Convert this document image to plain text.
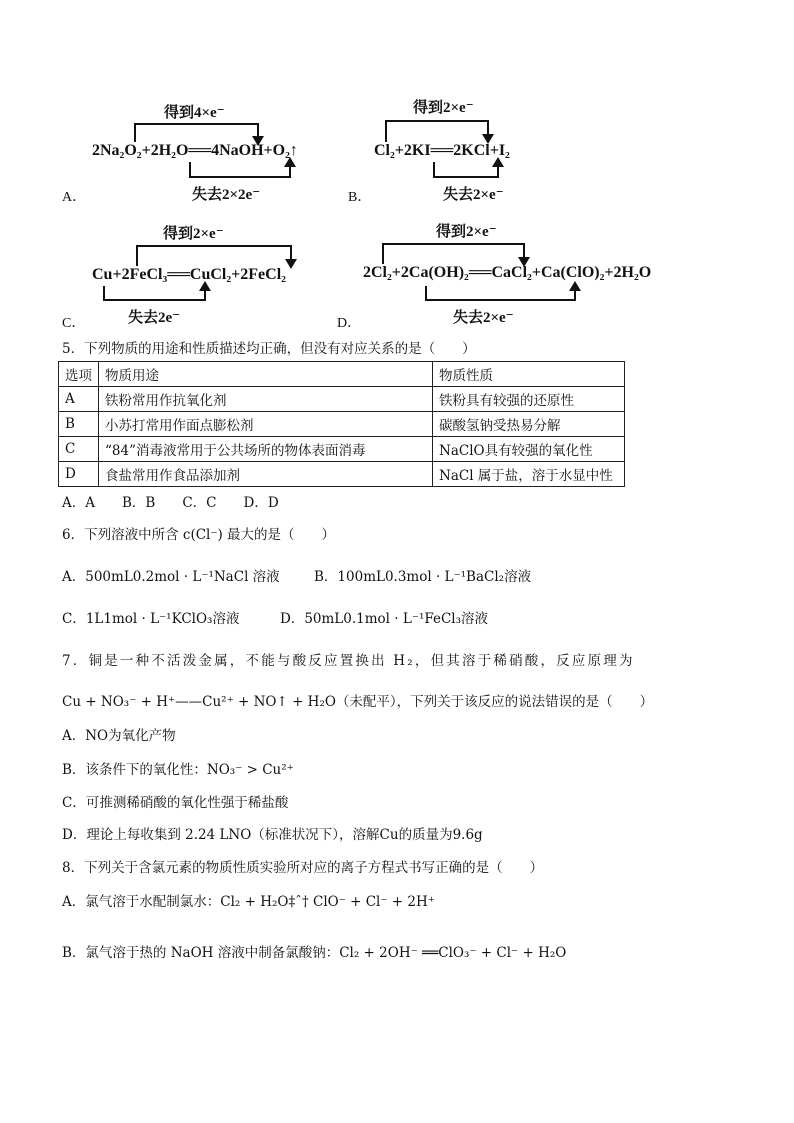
得到4×e⁻
2Na₂O₂+2H₂O══4NaOH+O₂↑
失去2×2e⁻
A．
得到2×e⁻
Cl₂+2KI══2KCl+I₂
失去2×e⁻
B．
得到2×e⁻
Cu+2FeCl₃══CuCl₂+2FeCl₂
失去2e⁻
C．
得到2×e⁻
2Cl₂+2Ca(OH)₂══CaCl₂+Ca(ClO)₂+2H₂O
失去2×e⁻
D．
5．下列物质的用途和性质描述均正确，但没有对应关系的是（　　）
选项	物质用途	物质性质
A	铁粉常用作抗氧化剂	铁粉具有较强的还原性
B	小苏打常用作面点膨松剂	碳酸氢钠受热易分解
C	“84”消毒液常用于公共场所的物体表面消毒	NaClO具有较强的氧化性
D	食盐常用作食品添加剂	NaCl 属于盐，溶于水显中性
A．A　　B．B　　C．C　　D．D
6．下列溶液中所含 c(Cl⁻) 最大的是（　　）
A．500mL0.2mol · L⁻¹NaCl 溶液	B．100mL0.3mol · L⁻¹BaCl₂溶液
C．1L1mol · L⁻¹KClO₃溶液	D．50mL0.1mol · L⁻¹FeCl₃溶液
7．铜是一种不活泼金属，不能与酸反应置换出 H₂，但其溶于稀硝酸，反应原理为
Cu + NO₃⁻ + H⁺——Cu²⁺ + NO↑ + H₂O（未配平），下列关于该反应的说法错误的是（　　）
A．NO为氧化产物
B．该条件下的氧化性：NO₃⁻ > Cu²⁺
C．可推测稀硝酸的氧化性强于稀盐酸
D．理论上每收集到 2.24 LNO（标准状况下），溶解Cu的质量为9.6g
8．下列关于含氯元素的物质性质实验所对应的离子方程式书写正确的是（　　）
A．氯气溶于水配制氯水：Cl₂ + H₂O‡ˆ† ClO⁻ + Cl⁻ + 2H⁺
B．氯气溶于热的 NaOH 溶液中制备氯酸钠：Cl₂ + 2OH⁻ ══ClO₃⁻ + Cl⁻ + H₂O
